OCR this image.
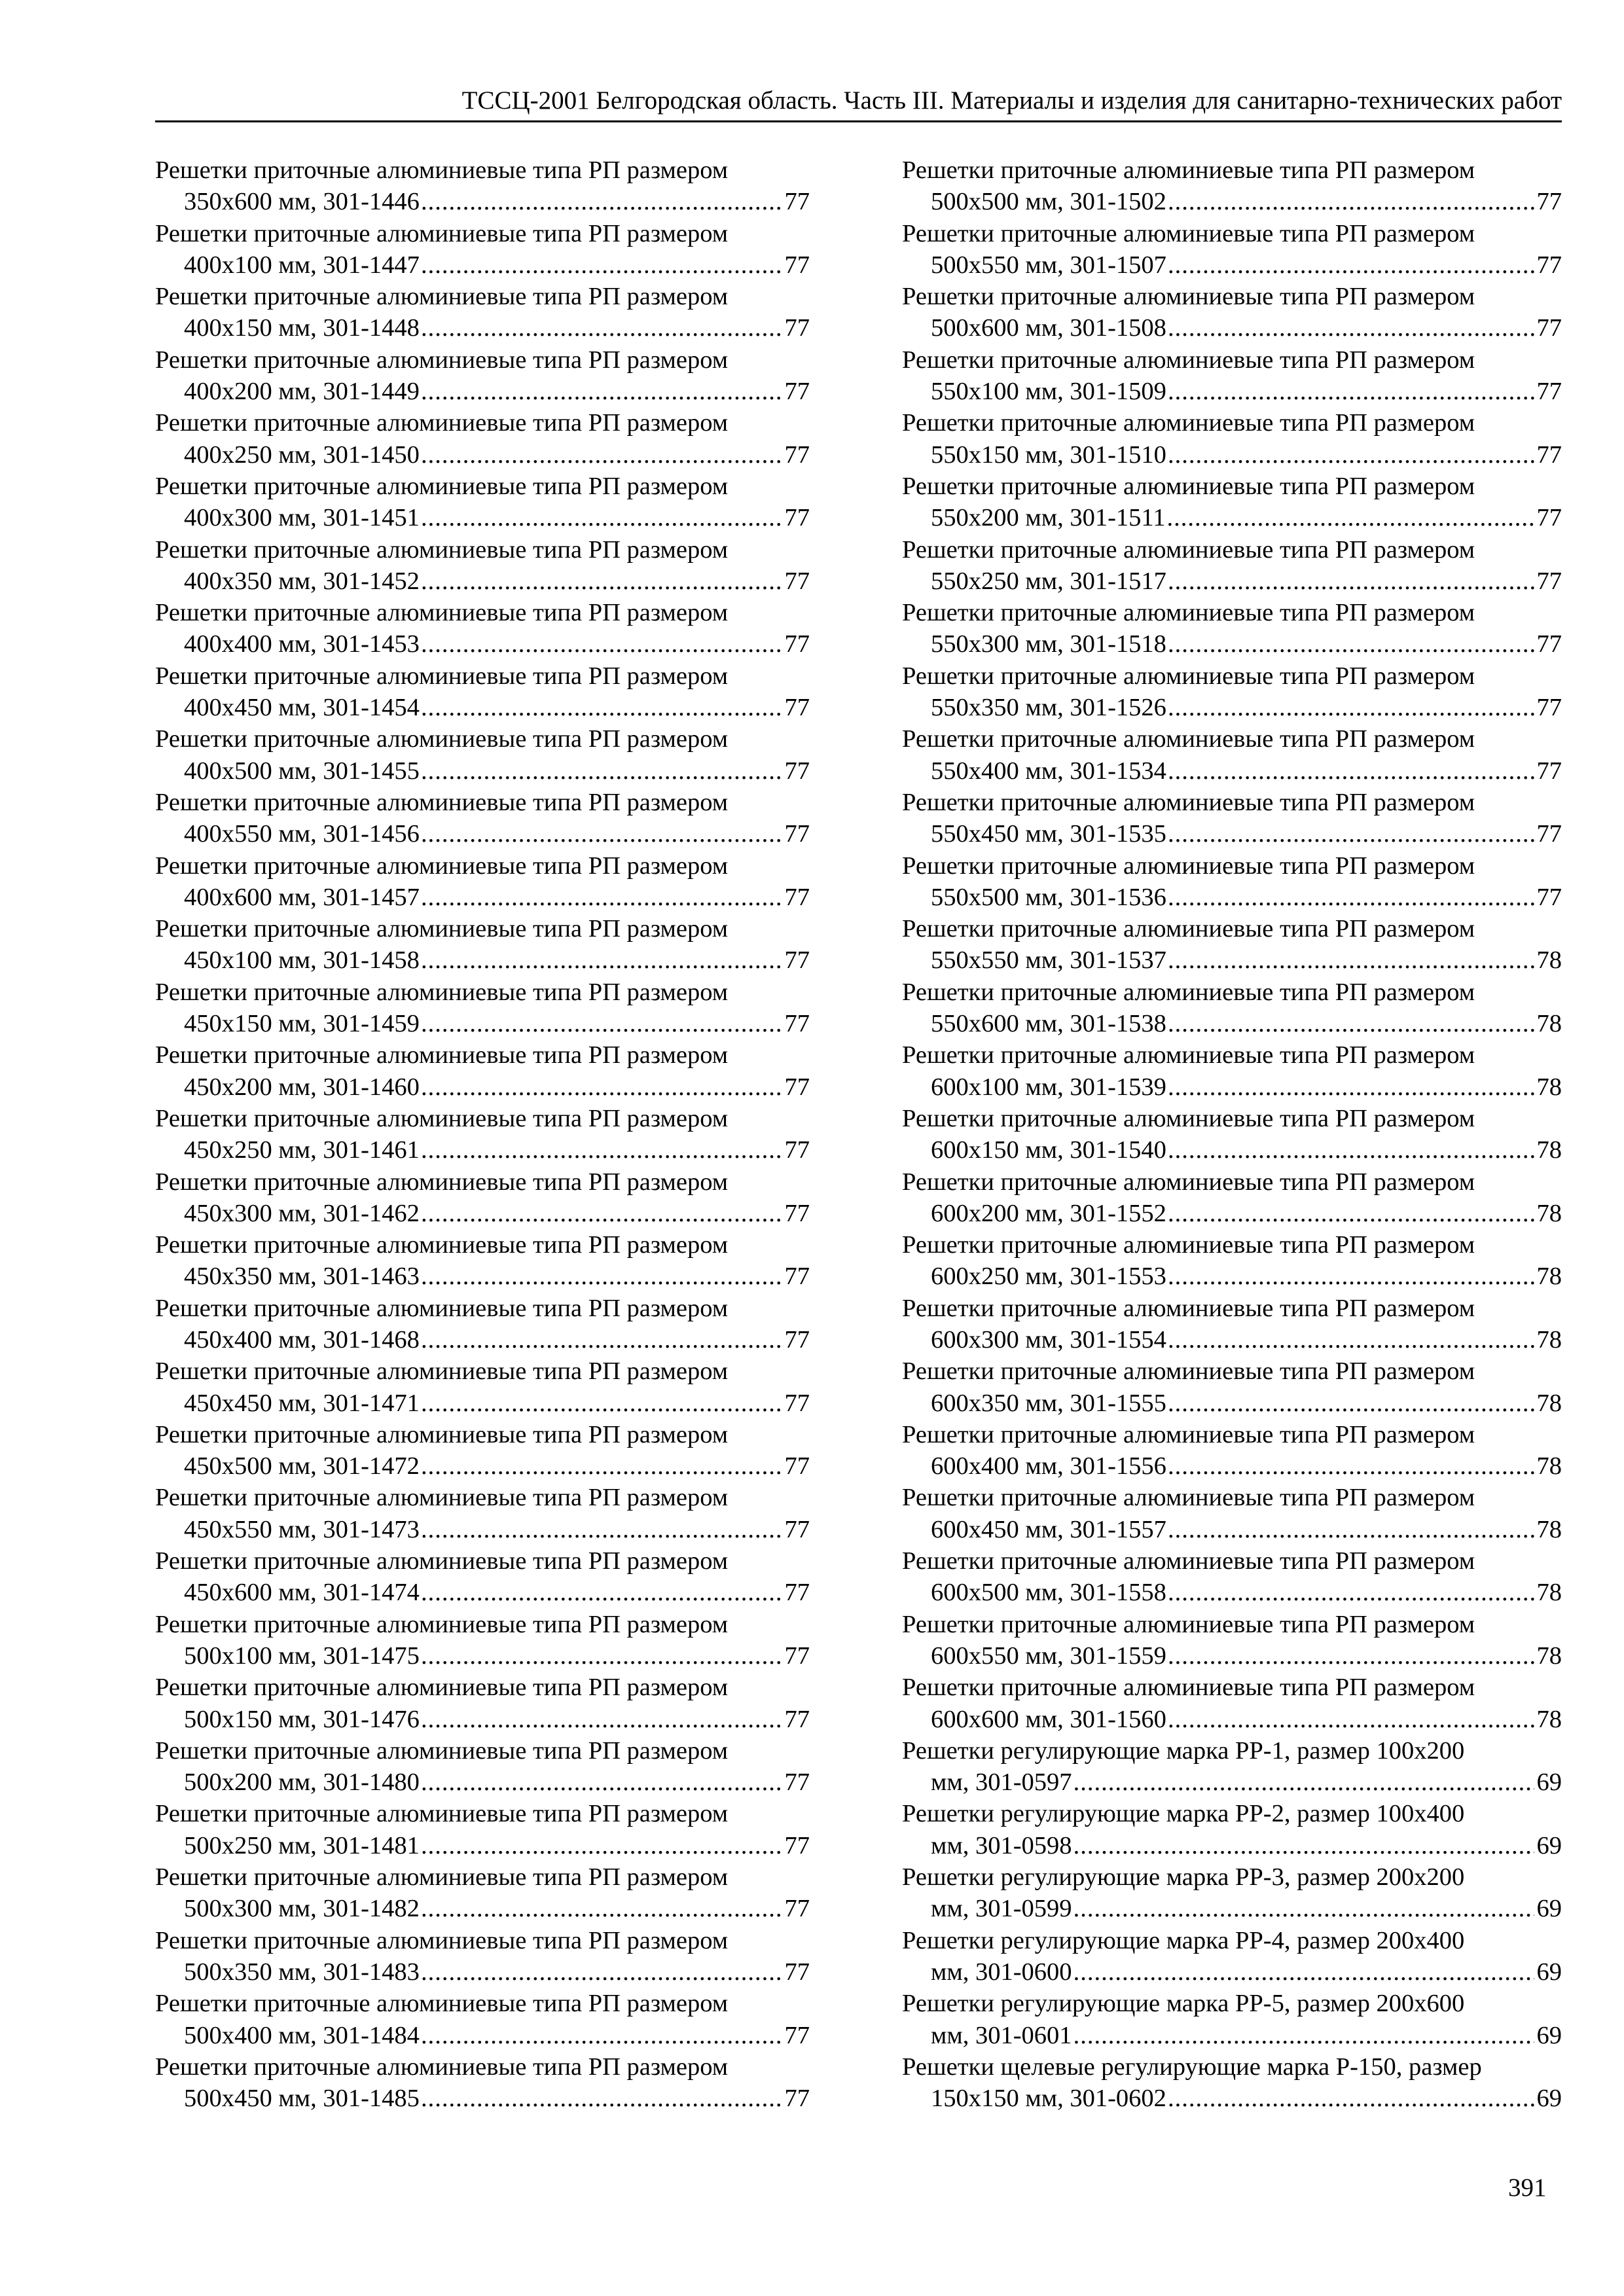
ТССЦ-2001 Белгородская область. Часть III. Материалы и изделия для санитарно-технических работ
Решетки приточные алюминиевые типа РП размером
350х600 мм, 301-1446 .....	77
Решетки приточные алюминиевые типа РП размером
400х100 мм, 301-1447 .....	77
Решетки приточные алюминиевые типа РП размером
400х150 мм, 301-1448 .....	77
Решетки приточные алюминиевые типа РП размером
400х200 мм, 301-1449 .....	77
Решетки приточные алюминиевые типа РП размером
400х250 мм, 301-1450 .....	77
Решетки приточные алюминиевые типа РП размером
400х300 мм, 301-1451 .....	77
Решетки приточные алюминиевые типа РП размером
400х350 мм, 301-1452 .....	77
Решетки приточные алюминиевые типа РП размером
400х400 мм, 301-1453 .....	77
Решетки приточные алюминиевые типа РП размером
400х450 мм, 301-1454 .....	77
Решетки приточные алюминиевые типа РП размером
400х500 мм, 301-1455 .....	77
Решетки приточные алюминиевые типа РП размером
400х550 мм, 301-1456 .....	77
Решетки приточные алюминиевые типа РП размером
400х600 мм, 301-1457 .....	77
Решетки приточные алюминиевые типа РП размером
450х100 мм, 301-1458 .....	77
Решетки приточные алюминиевые типа РП размером
450х150 мм, 301-1459 .....	77
Решетки приточные алюминиевые типа РП размером
450х200 мм, 301-1460 .....	77
Решетки приточные алюминиевые типа РП размером
450х250 мм, 301-1461 .....	77
Решетки приточные алюминиевые типа РП размером
450х300 мм, 301-1462 .....	77
Решетки приточные алюминиевые типа РП размером
450х350 мм, 301-1463 .....	77
Решетки приточные алюминиевые типа РП размером
450х400 мм, 301-1468 .....	77
Решетки приточные алюминиевые типа РП размером
450х450 мм, 301-1471 .....	77
Решетки приточные алюминиевые типа РП размером
450х500 мм, 301-1472 .....	77
Решетки приточные алюминиевые типа РП размером
450х550 мм, 301-1473 .....	77
Решетки приточные алюминиевые типа РП размером
450х600 мм, 301-1474 .....	77
Решетки приточные алюминиевые типа РП размером
500х100 мм, 301-1475 .....	77
Решетки приточные алюминиевые типа РП размером
500х150 мм, 301-1476 .....	77
Решетки приточные алюминиевые типа РП размером
500х200 мм, 301-1480 .....	77
Решетки приточные алюминиевые типа РП размером
500х250 мм, 301-1481 .....	77
Решетки приточные алюминиевые типа РП размером
500х300 мм, 301-1482 .....	77
Решетки приточные алюминиевые типа РП размером
500х350 мм, 301-1483 .....	77
Решетки приточные алюминиевые типа РП размером
500х400 мм, 301-1484 .....	77
Решетки приточные алюминиевые типа РП размером
500х450 мм, 301-1485 .....	77
Решетки приточные алюминиевые типа РП размером
500х500 мм, 301-1502 .....	77
Решетки приточные алюминиевые типа РП размером
500х550 мм, 301-1507 .....	77
Решетки приточные алюминиевые типа РП размером
500х600 мм, 301-1508 .....	77
Решетки приточные алюминиевые типа РП размером
550х100 мм, 301-1509 .....	77
Решетки приточные алюминиевые типа РП размером
550х150 мм, 301-1510 .....	77
Решетки приточные алюминиевые типа РП размером
550х200 мм, 301-1511 .....	77
Решетки приточные алюминиевые типа РП размером
550х250 мм, 301-1517 .....	77
Решетки приточные алюминиевые типа РП размером
550х300 мм, 301-1518 .....	77
Решетки приточные алюминиевые типа РП размером
550х350 мм, 301-1526 .....	77
Решетки приточные алюминиевые типа РП размером
550х400 мм, 301-1534 .....	77
Решетки приточные алюминиевые типа РП размером
550х450 мм, 301-1535 .....	77
Решетки приточные алюминиевые типа РП размером
550х500 мм, 301-1536 .....	77
Решетки приточные алюминиевые типа РП размером
550х550 мм, 301-1537 .....	78
Решетки приточные алюминиевые типа РП размером
550х600 мм, 301-1538 .....	78
Решетки приточные алюминиевые типа РП размером
600х100 мм, 301-1539 .....	78
Решетки приточные алюминиевые типа РП размером
600х150 мм, 301-1540 .....	78
Решетки приточные алюминиевые типа РП размером
600х200 мм, 301-1552 .....	78
Решетки приточные алюминиевые типа РП размером
600х250 мм, 301-1553 .....	78
Решетки приточные алюминиевые типа РП размером
600х300 мм, 301-1554 .....	78
Решетки приточные алюминиевые типа РП размером
600х350 мм, 301-1555 .....	78
Решетки приточные алюминиевые типа РП размером
600х400 мм, 301-1556 .....	78
Решетки приточные алюминиевые типа РП размером
600х450 мм, 301-1557 .....	78
Решетки приточные алюминиевые типа РП размером
600х500 мм, 301-1558 .....	78
Решетки приточные алюминиевые типа РП размером
600х550 мм, 301-1559 .....	78
Решетки приточные алюминиевые типа РП размером
600х600 мм, 301-1560 .....	78
Решетки регулирующие марка РР-1, размер 100х200
мм, 301-0597 .....	69
Решетки регулирующие марка РР-2, размер 100х400
мм, 301-0598 .....	69
Решетки регулирующие марка РР-3, размер 200х200
мм, 301-0599 .....	69
Решетки регулирующие марка РР-4, размер 200х400
мм, 301-0600 .....	69
Решетки регулирующие марка РР-5, размер 200х600
мм, 301-0601 .....	69
Решетки щелевые регулирующие марка Р-150, размер
150х150 мм, 301-0602 .....	69
391
